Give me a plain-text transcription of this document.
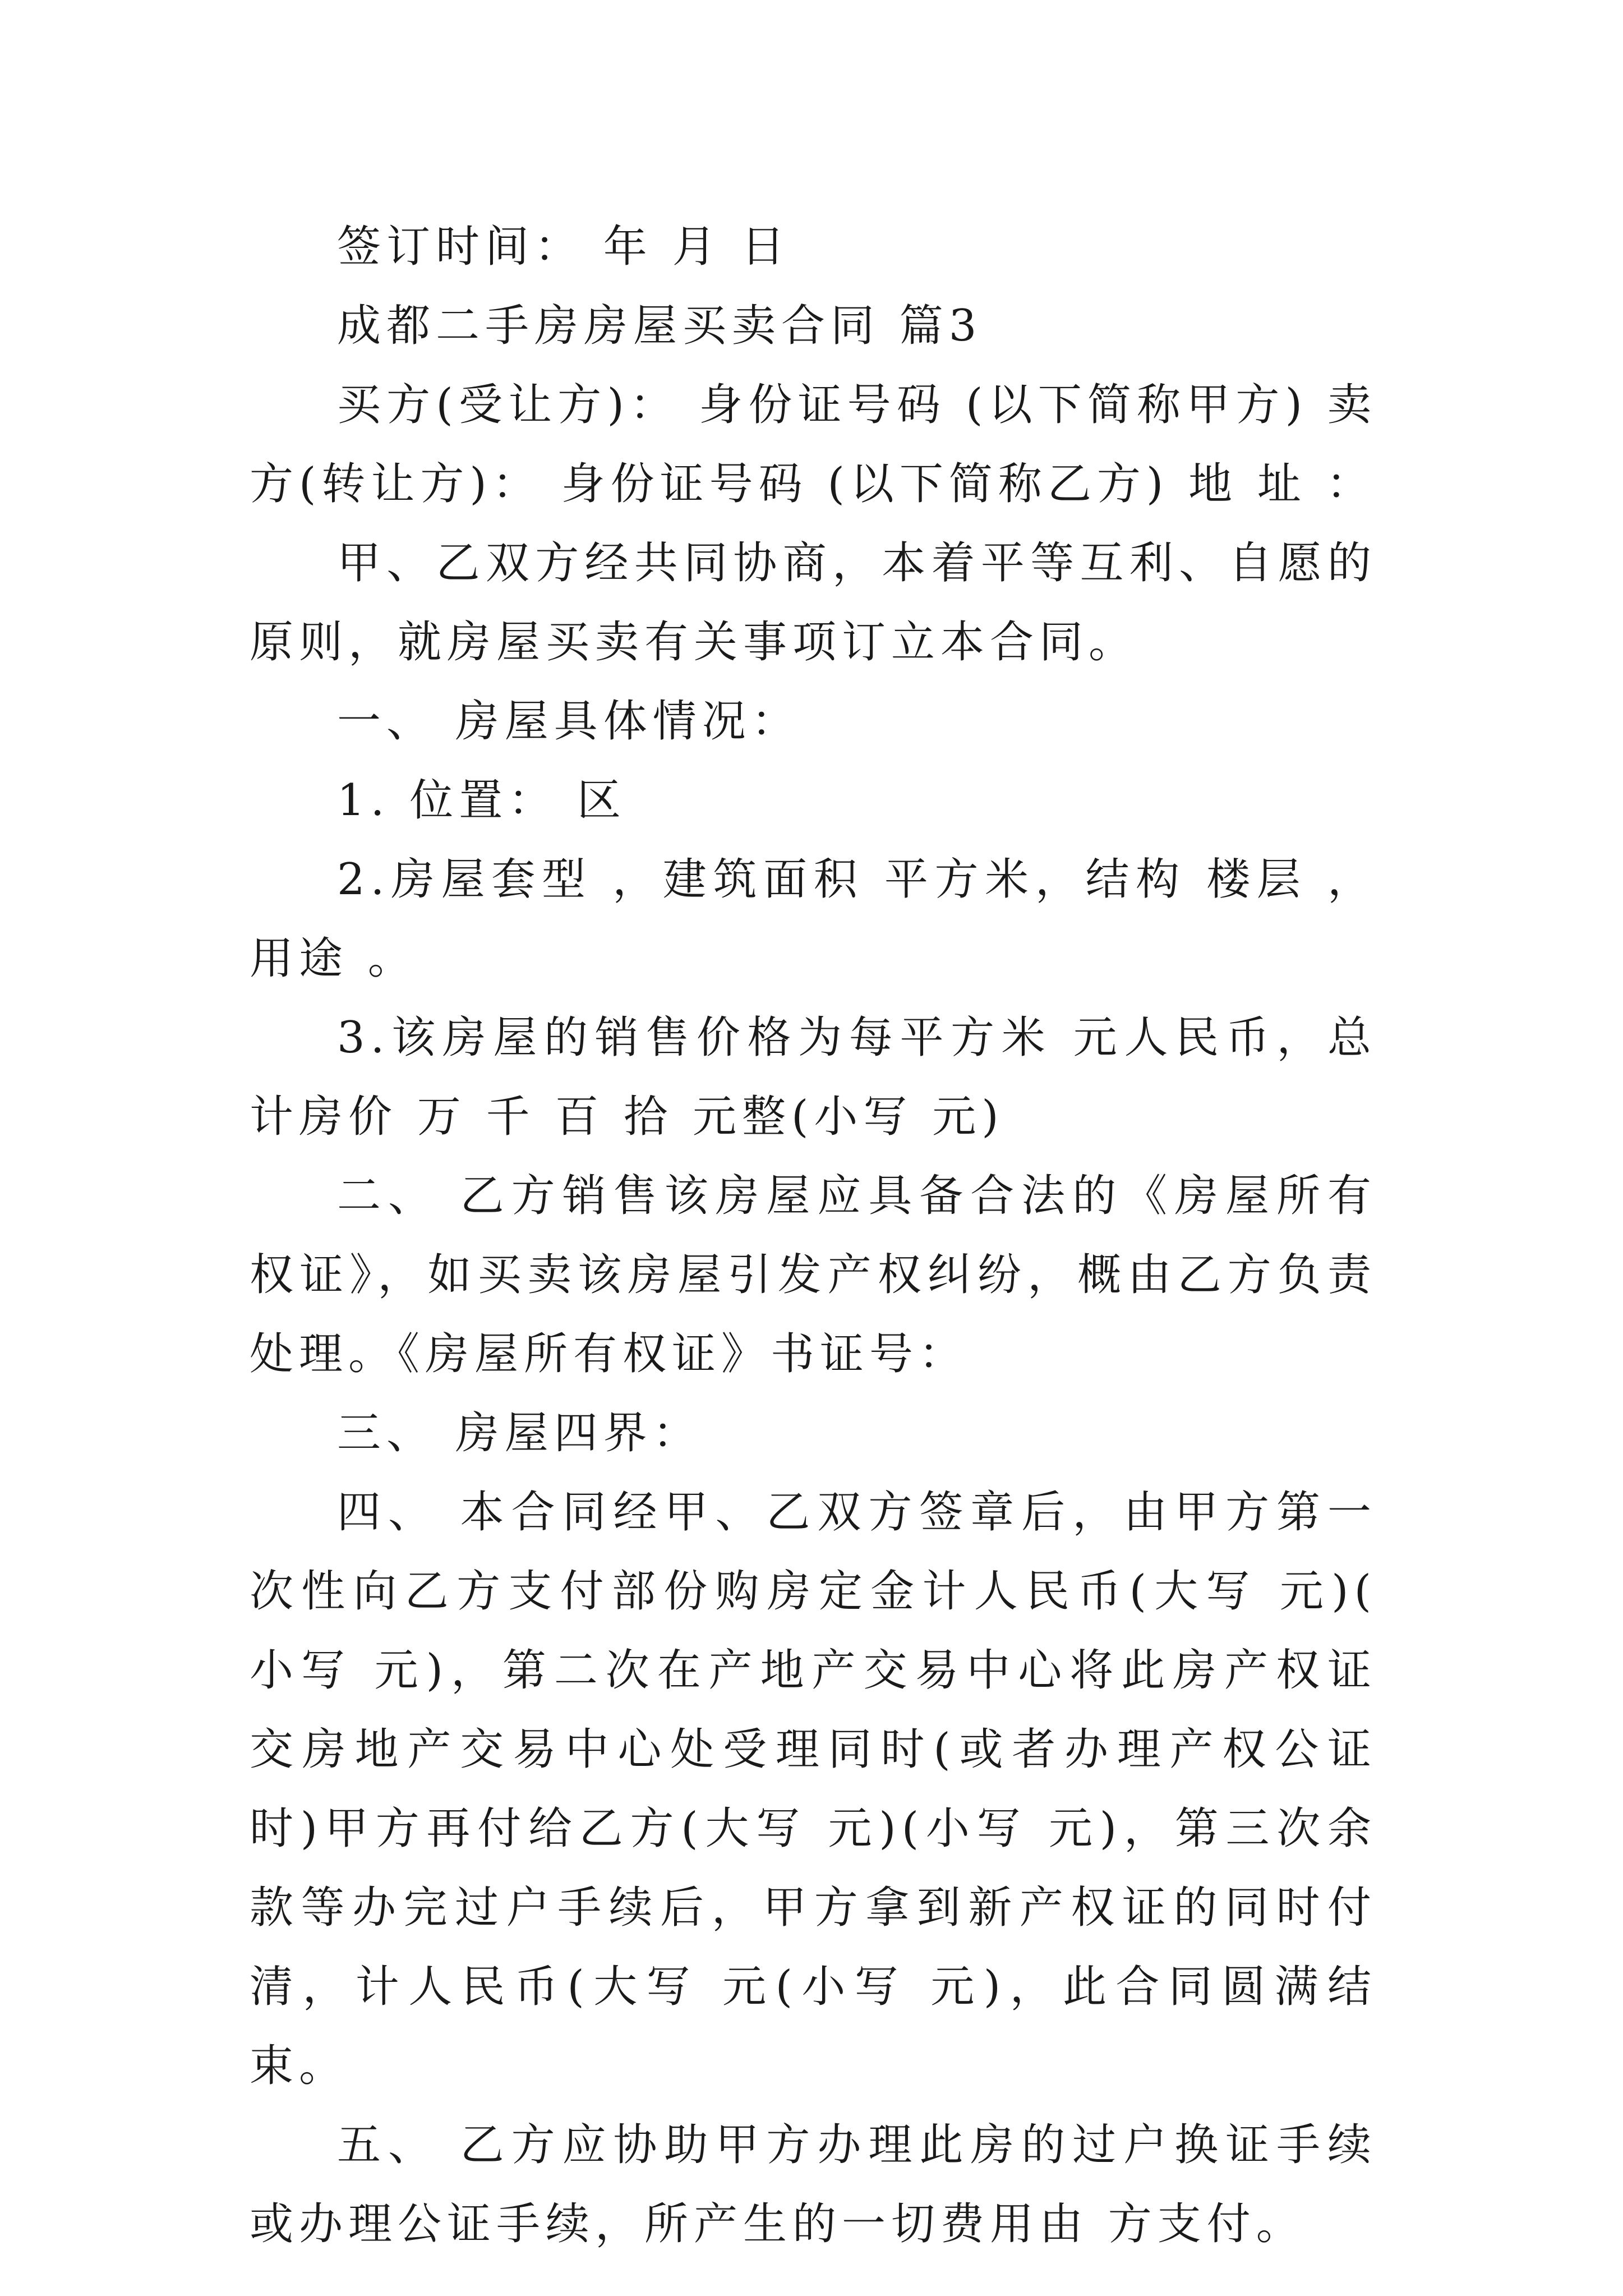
签订时间： 年 月 日

成都二手房房屋买卖合同 篇3

买方(受让方)： 身份证号码 (以下简称甲方) 卖方(转让方)： 身份证号码 (以下简称乙方) 地 址 ：

甲、乙双方经共同协商，本着平等互利、自愿的原则，就房屋买卖有关事项订立本合同。

一、 房屋具体情况：

1. 位置： 区

2.房屋套型 ，建筑面积 平方米，结构 楼层 ，用途 。

3.该房屋的销售价格为每平方米 元人民币，总计房价 万 千 百 拾 元整(小写 元)

二、 乙方销售该房屋应具备合法的《房屋所有权证》，如买卖该房屋引发产权纠纷，概由乙方负责处理。《房屋所有权证》书证号：

三、 房屋四界：

四、 本合同经甲、乙双方签章后，由甲方第一次性向乙方支付部份购房定金计人民币(大写 元)( 小写 元)，第二次在产地产交易中心将此房产权证交房地产交易中心处受理同时(或者办理产权公证时)甲方再付给乙方(大写 元)(小写 元)，第三次余款等办完过户手续后，甲方拿到新产权证的同时付清，计人民币(大写 元(小写 元)，此合同圆满结束。

五、 乙方应协助甲方办理此房的过户换证手续或办理公证手续，所产生的一切费用由 方支付。
